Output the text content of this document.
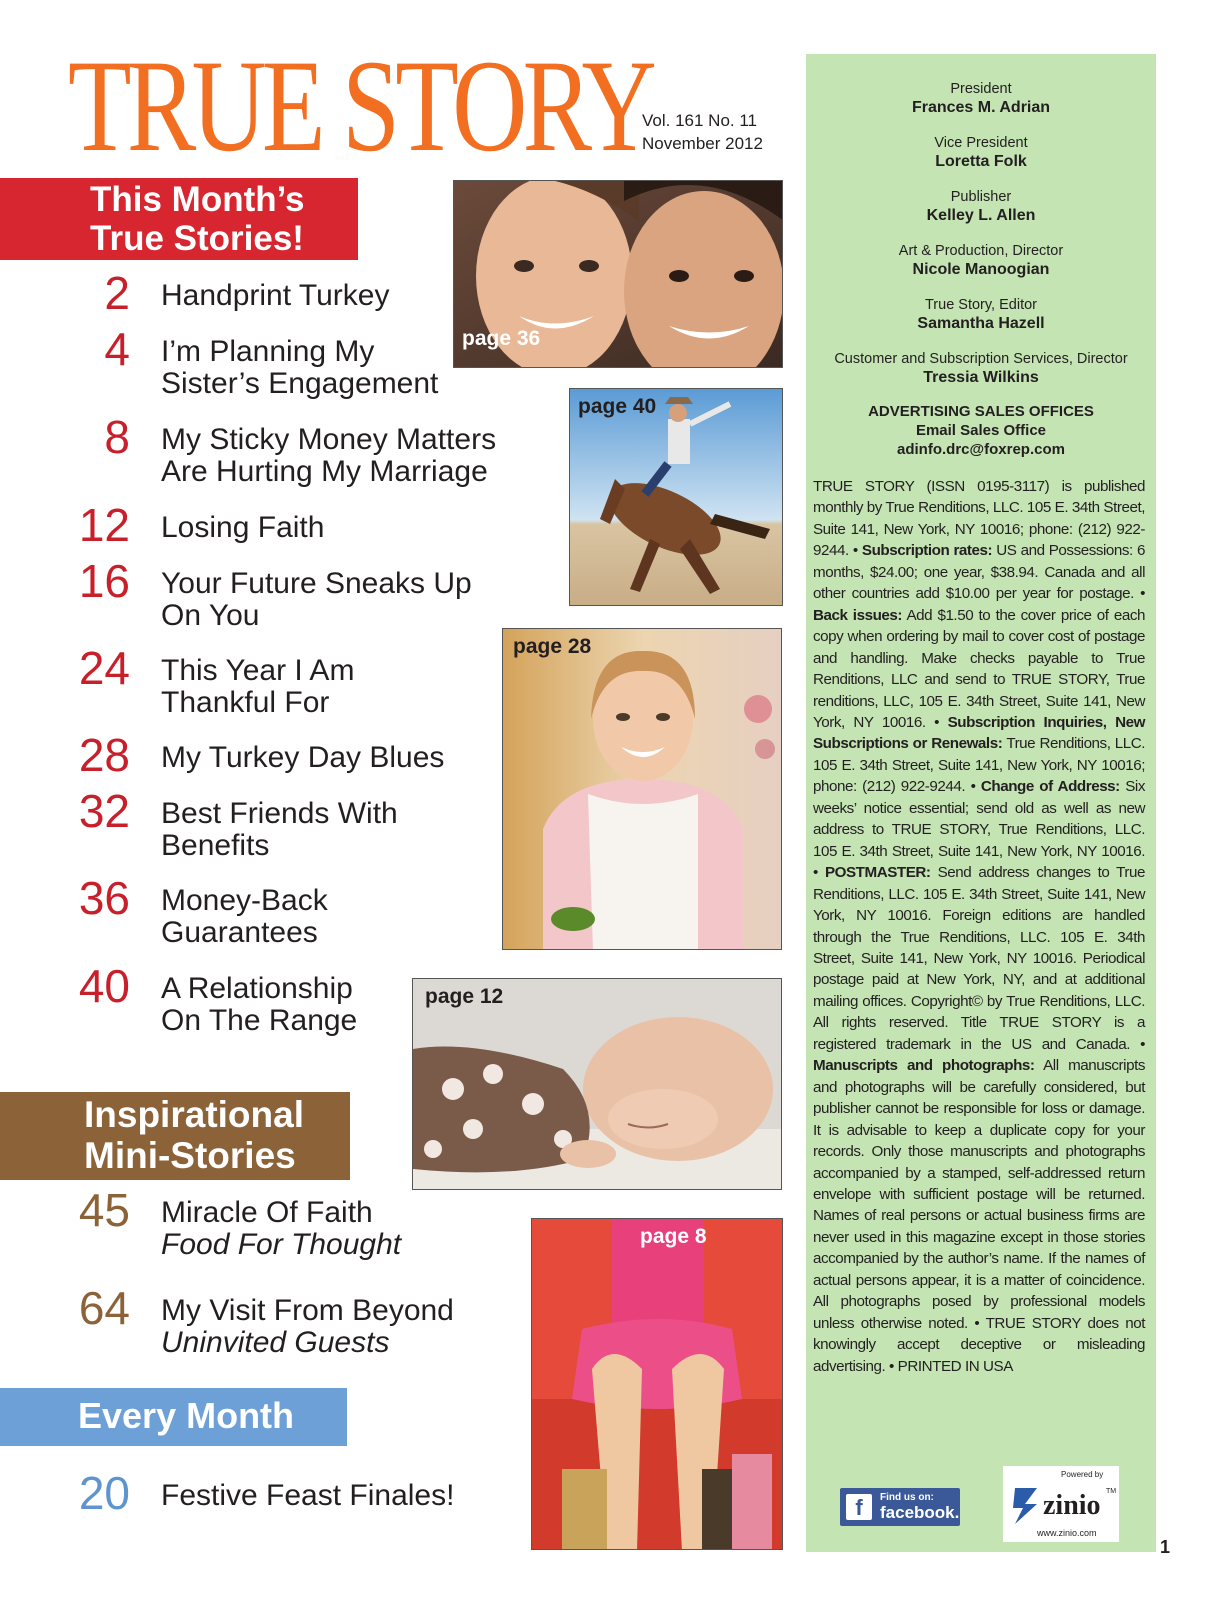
TRUE STORY
Vol. 161 No. 11
November 2012
This Month’s
True Stories!
Inspirational
Mini-Stories
Every Month
2 Handprint Turkey
4 I’m Planning My
Sister’s Engagement
8 My Sticky Money Matters
Are Hurting My Marriage
12 Losing Faith
16 Your Future Sneaks Up
On You
24 This Year I Am
Thankful For
28 My Turkey Day Blues
32 Best Friends With
Benefits
36 Money-Back
Guarantees
40 A Relationship
On The Range
45 Miracle Of Faith
Food For Thought
64 My Visit From Beyond
Uninvited Guests
20 Festive Feast Finales!
page 36
page 40
page 28
page 12
page 8
President
Frances M. Adrian
Vice President
Loretta Folk
Publisher
Kelley L. Allen
Art & Production, Director
Nicole Manoogian
True Story, Editor
Samantha Hazell
Customer and Subscription Services, Director
Tressia Wilkins
ADVERTISING SALES OFFICES
Email Sales Office
adinfo.drc@foxrep.com
TRUE STORY (ISSN 0195-3117) is published monthly by True Renditions, LLC. 105 E. 34th Street, Suite 141, New York, NY 10016; phone: (212) 922-9244. • Subscription rates: US and Possessions: 6 months, $24.00; one year, $38.94. Canada and all other countries add $10.00 per year for postage. • Back issues: Add $1.50 to the cover price of each copy when ordering by mail to cover cost of postage and handling. Make checks payable to True Renditions, LLC and send to TRUE STORY, True renditions, LLC, 105 E. 34th Street, Suite 141, New York, NY 10016. • Subscription Inquiries, New Subscriptions or Renewals: True Renditions, LLC. 105 E. 34th Street, Suite 141, New York, NY 10016; phone: (212) 922-9244. • Change of Address: Six weeks’ notice essential; send old as well as new address to TRUE STORY, True Renditions, LLC. 105 E. 34th Street, Suite 141, New York, NY 10016. • POSTMASTER: Send address changes to True Renditions, LLC. 105 E. 34th Street, Suite 141, New York, NY 10016. Foreign editions are handled through the True Renditions, LLC. 105 E. 34th Street, Suite 141, New York, NY 10016. Periodical postage paid at New York, NY, and at additional mailing offices. Copyright© by True Renditions, LLC. All rights reserved. Title TRUE STORY is a registered trademark in the US and Canada. • Manuscripts and photographs: All manuscripts and photographs will be carefully considered, but publisher cannot be responsible for loss or damage. It is advisable to keep a duplicate copy for your records. Only those manuscripts and photographs accompanied by a stamped, self-addressed return envelope with sufficient postage will be returned. Names of real persons or actual business firms are never used in this magazine except in those stories accompanied by the author’s name. If the names of actual persons appear, it is a matter of coincidence. All photographs posed by professional models unless otherwise noted. • TRUE STORY does not knowingly accept deceptive or misleading advertising. • PRINTED IN USA
f	Find us on:
facebook.
Powered by
zinio TM
www.zinio.com
1
